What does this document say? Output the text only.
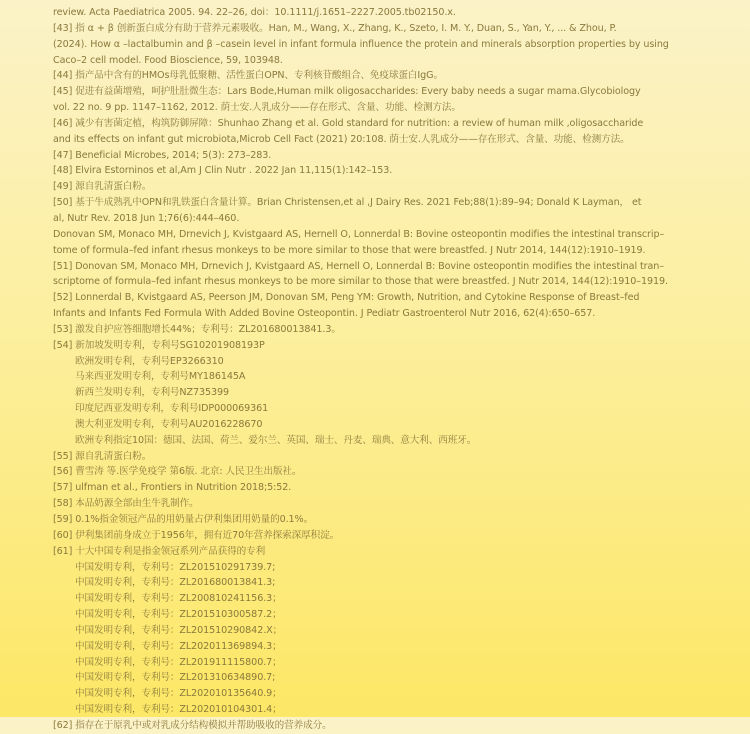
review. Acta Paediatrica 2005. 94. 22–26, doi：10.1111/j.1651–2227.2005.tb02150.x.
[43] 指 α + β 创新蛋白成分有助于营养元素吸收。Han, M., Wang, X., Zhang, K., Szeto, I. M. Y., Duan, S., Yan, Y., ... & Zhou, P.
(2024). How α –lactalbumin and β –casein level in infant formula influence the protein and minerals absorption properties by using
Caco–2 cell model. Food Bioscience, 59, 103948.
[44] 指产品中含有的HMOs母乳低聚糖、活性蛋白OPN、专利核苷酸组合、免疫球蛋白IgG。
[45] 促进有益菌增殖，呵护肚肚微生态：Lars Bode,Human milk oligosaccharides: Every baby needs a sugar mama.Glycobiology
vol. 22 no. 9 pp. 1147–1162, 2012. 荫士安.人乳成分——存在形式、含量、功能、检测方法。
[46] 减少有害菌定植，构筑防御屏障：Shunhao Zhang et al. Gold standard for nutrition: a review of human milk ,oligosaccharide
and its effects on infant gut microbiota,Microb Cell Fact (2021) 20:108. 荫士安.人乳成分——存在形式、含量、功能、检测方法。
[47] Beneficial Microbes, 2014; 5(3): 273–283.
[48] Elvira Estorninos et al,Am J Clin Nutr . 2022 Jan 11,115(1):142–153.
[49] 源自乳清蛋白粉。
[50] 基于牛成熟乳中OPN和乳铁蛋白含量计算。Brian Christensen,et al ,J Dairy Res. 2021 Feb;88(1):89–94; Donald K Layman， et
al, Nutr Rev. 2018 Jun 1;76(6):444–460.
Donovan SM, Monaco MH, Drnevich J, Kvistgaard AS, Hernell O, Lonnerdal B: Bovine osteopontin modifies the intestinal transcrip–
tome of formula–fed infant rhesus monkeys to be more similar to those that were breastfed. J Nutr 2014, 144(12):1910–1919.
[51] Donovan SM, Monaco MH, Drnevich J, Kvistgaard AS, Hernell O, Lonnerdal B: Bovine osteopontin modifies the intestinal tran–
scriptome of formula–fed infant rhesus monkeys to be more similar to those that were breastfed. J Nutr 2014, 144(12):1910–1919.
[52] Lonnerdal B, Kvistgaard AS, Peerson JM, Donovan SM, Peng YM: Growth, Nutrition, and Cytokine Response of Breast–fed
Infants and Infants Fed Formula With Added Bovine Osteopontin. J Pediatr Gastroenterol Nutr 2016, 62(4):650–657.
[53] 激发自护应答细胞增长44%；专利号：ZL201680013841.3。
[54] 新加坡发明专利，专利号SG10201908193P
欧洲发明专利，专利号EP3266310
马来西亚发明专利，专利号MY186145A
新西兰发明专利，专利号NZ735399
印度尼西亚发明专利，专利号IDP000069361
澳大利亚发明专利，专利号AU2016228670
欧洲专利指定10国：德国、法国、荷兰、爱尔兰、英国、瑞士、丹麦、瑞典、意大利、西班牙。
[55] 源自乳清蛋白粉。
[56] 曹雪涛 等.医学免疫学 第6版. 北京: 人民卫生出版社。
[57] ulfman et al., Frontiers in Nutrition 2018;5:52.
[58] 本品奶源全部由生牛乳制作。
[59] 0.1%指金领冠产品的用奶量占伊利集团用奶量的0.1%。
[60] 伊利集团前身成立于1956年，拥有近70年营养探索深厚积淀。
[61] 十大中国专利是指金领冠系列产品获得的专利
中国发明专利，专利号：ZL201510291739.7;
中国发明专利，专利号：ZL201680013841.3;
中国发明专利，专利号：ZL200810241156.3；
中国发明专利，专利号：ZL201510300587.2；
中国发明专利，专利号：ZL201510290842.X；
中国发明专利，专利号：ZL202011369894.3；
中国发明专利，专利号：ZL201911115800.7；
中国发明专利，专利号：ZL201310634890.7;
中国发明专利，专利号：ZL202010135640.9；
中国发明专利，专利号：ZL202010104301.4；
[62] 指存在于原乳中或对乳成分结构模拟并帮助吸收的营养成分。
